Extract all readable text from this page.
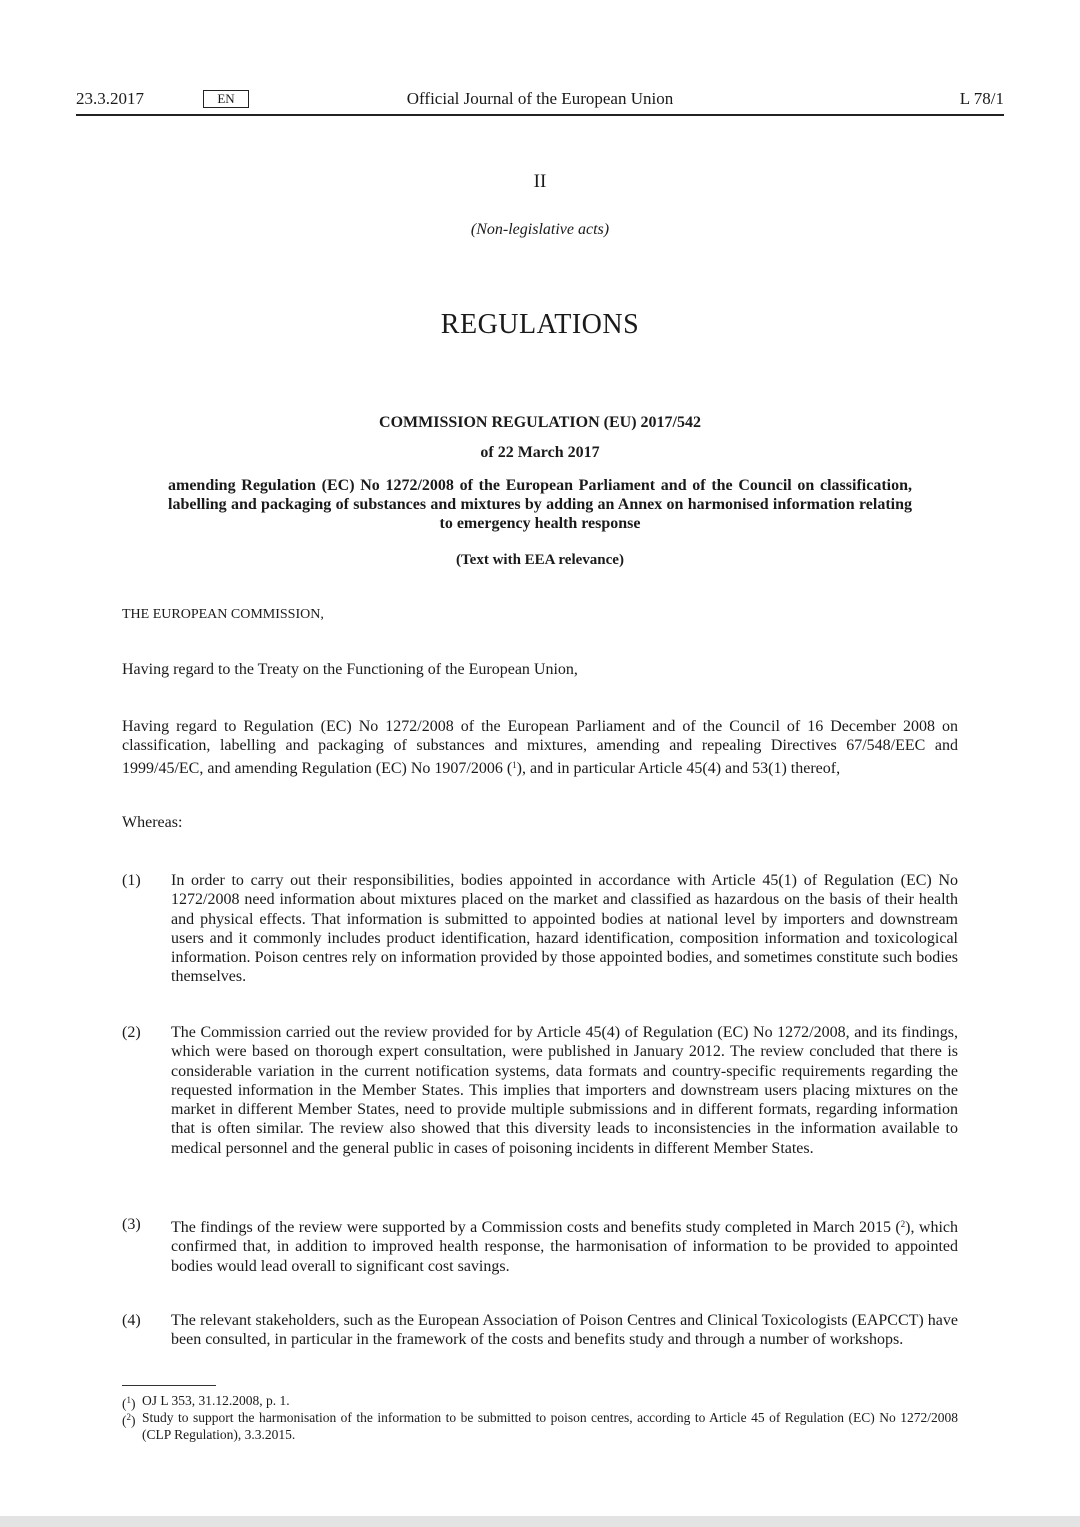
23.3.2017	EN	Official Journal of the European Union	L 78/1
II
(Non-legislative acts)
REGULATIONS
COMMISSION REGULATION (EU) 2017/542
of 22 March 2017
amending Regulation (EC) No 1272/2008 of the European Parliament and of the Council on classification, labelling and packaging of substances and mixtures by adding an Annex on harmonised information relating to emergency health response
(Text with EEA relevance)
THE EUROPEAN COMMISSION,
Having regard to the Treaty on the Functioning of the European Union,
Having regard to Regulation (EC) No 1272/2008 of the European Parliament and of the Council of 16 December 2008 on classification, labelling and packaging of substances and mixtures, amending and repealing Directives 67/548/EEC and 1999/45/EC, and amending Regulation (EC) No 1907/2006 ($^1$), and in particular Article 45(4) and 53(1) thereof,
Whereas:
(1) In order to carry out their responsibilities, bodies appointed in accordance with Article 45(1) of Regulation (EC) No 1272/2008 need information about mixtures placed on the market and classified as hazardous on the basis of their health and physical effects. That information is submitted to appointed bodies at national level by importers and downstream users and it commonly includes product identification, hazard identification, composition information and toxicological information. Poison centres rely on information provided by those appointed bodies, and sometimes constitute such bodies themselves.
(2) The Commission carried out the review provided for by Article 45(4) of Regulation (EC) No 1272/2008, and its findings, which were based on thorough expert consultation, were published in January 2012. The review concluded that there is considerable variation in the current notification systems, data formats and country-specific requirements regarding the requested information in the Member States. This implies that importers and downstream users placing mixtures on the market in different Member States, need to provide multiple submissions and in different formats, regarding information that is often similar. The review also showed that this diversity leads to inconsistencies in the information available to medical personnel and the general public in cases of poisoning incidents in different Member States.
(3) The findings of the review were supported by a Commission costs and benefits study completed in March 2015 ($^2$), which confirmed that, in addition to improved health response, the harmonisation of information to be provided to appointed bodies would lead overall to significant cost savings.
(4) The relevant stakeholders, such as the European Association of Poison Centres and Clinical Toxicologists (EAPCCT) have been consulted, in particular in the framework of the costs and benefits study and through a number of workshops.
($^1$) OJ L 353, 31.12.2008, p. 1.
($^2$) Study to support the harmonisation of the information to be submitted to poison centres, according to Article 45 of Regulation (EC) No 1272/2008 (CLP Regulation), 3.3.2015.
